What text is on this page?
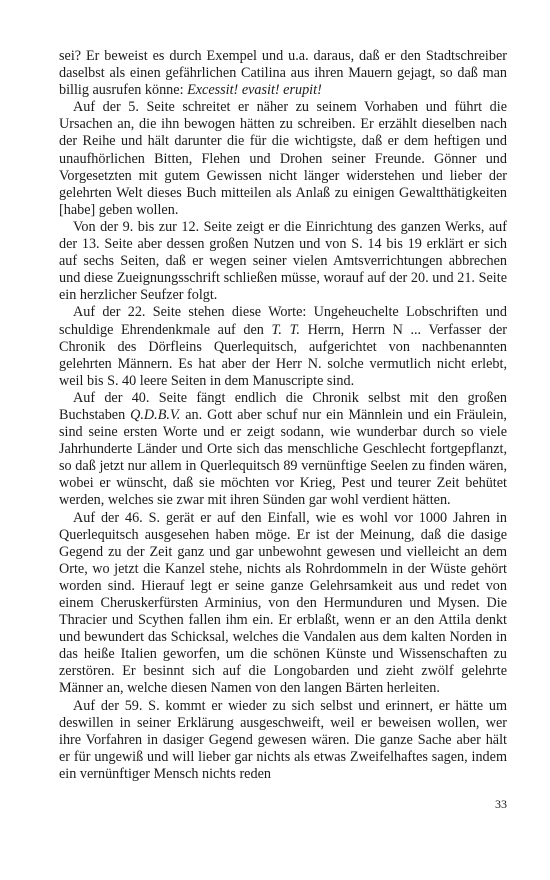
sei? Er beweist es durch Exempel und u.a. daraus, daß er den Stadtschreiber daselbst als einen gefährlichen Catilina aus ihren Mauern gejagt, so daß man billig ausrufen könne: Excessit! evasit! erupit!

Auf der 5. Seite schreitet er näher zu seinem Vorhaben und führt die Ursachen an, die ihn bewogen hätten zu schreiben. Er erzählt dieselben nach der Reihe und hält darunter die für die wichtigste, daß er dem heftigen und unaufhörlichen Bitten, Flehen und Drohen seiner Freunde. Gönner und Vorgesetzten mit gutem Gewissen nicht länger widerstehen und lieber der gelehrten Welt dieses Buch mitteilen als Anlaß zu einigen Gewaltthätigkeiten [habe] geben wollen.

Von der 9. bis zur 12. Seite zeigt er die Einrichtung des ganzen Werks, auf der 13. Seite aber dessen großen Nutzen und von S. 14 bis 19 erklärt er sich auf sechs Seiten, daß er wegen seiner vielen Amtsverrichtungen abbrechen und diese Zueignungsschrift schließen müsse, worauf auf der 20. und 21. Seite ein herzlicher Seufzer folgt.

Auf der 22. Seite stehen diese Worte: Ungeheuchelte Lobschriften und schuldige Ehrendenkmale auf den T. T. Herrn, Herrn N ... Verfasser der Chronik des Dörfleins Querlequitsch, aufgerichtet von nachbenannten gelehrten Männern. Es hat aber der Herr N. solche vermutlich nicht erlebt, weil bis S. 40 leere Seiten in dem Manuscripte sind.

Auf der 40. Seite fängt endlich die Chronik selbst mit den großen Buchstaben Q.D.B.V. an. Gott aber schuf nur ein Männlein und ein Fräulein, sind seine ersten Worte und er zeigt sodann, wie wunderbar durch so viele Jahrhunderte Länder und Orte sich das menschliche Geschlecht fortgepflanzt, so daß jetzt nur allem in Querlequitsch 89 vernünftige Seelen zu finden wären, wobei er wünscht, daß sie möchten vor Krieg, Pest und teurer Zeit behütet werden, welches sie zwar mit ihren Sünden gar wohl verdient hätten.

Auf der 46. S. gerät er auf den Einfall, wie es wohl vor 1000 Jahren in Querlequitsch ausgesehen haben möge. Er ist der Meinung, daß die dasige Gegend zu der Zeit ganz und gar unbewohnt gewesen und vielleicht an dem Orte, wo jetzt die Kanzel stehe, nichts als Rohrdommeln in der Wüste gehört worden sind. Hierauf legt er seine ganze Gelehrsamkeit aus und redet von einem Cheruskerfürsten Arminius, von den Hermunduren und Mysen. Die Thracier und Scythen fallen ihm ein. Er erblaßt, wenn er an den Attila denkt und bewundert das Schicksal, welches die Vandalen aus dem kalten Norden in das heiße Italien geworfen, um die schönen Künste und Wissenschaften zu zerstören. Er besinnt sich auf die Longobarden und zieht zwölf gelehrte Männer an, welche diesen Namen von den langen Bärten herleiten.

Auf der 59. S. kommt er wieder zu sich selbst und erinnert, er hätte um deswillen in seiner Erklärung ausgeschweift, weil er beweisen wollen, wer ihre Vorfahren in dasiger Gegend gewesen wären. Die ganze Sache aber hält er für ungewiß und will lieber gar nichts als etwas Zweifelhaftes sagen, indem ein vernünftiger Mensch nichts reden

33
